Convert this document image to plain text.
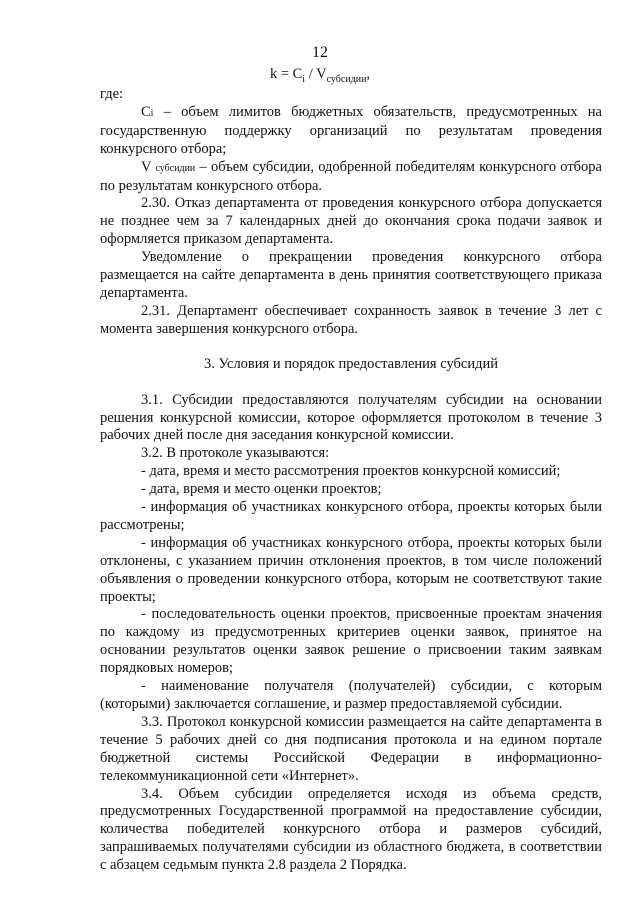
12
$k = C_i / V_{субсидии}$,

где:

Ci – объем лимитов бюджетных обязательств, предусмотренных на государственную поддержку организаций по результатам проведения конкурсного отбора;

V субсидии – объем субсидии, одобренной победителям конкурсного отбора по результатам конкурсного отбора.

2.30. Отказ департамента от проведения конкурсного отбора допускается не позднее чем за 7 календарных дней до окончания срока подачи заявок и оформляется приказом департамента.

Уведомление о прекращении проведения конкурсного отбора размещается на сайте департамента в день принятия соответствующего приказа департамента.

2.31. Департамент обеспечивает сохранность заявок в течение 3 лет с момента завершения конкурсного отбора.

3. Условия и порядок предоставления субсидий

3.1. Субсидии предоставляются получателям субсидии на основании решения конкурсной комиссии, которое оформляется протоколом в течение 3 рабочих дней после дня заседания конкурсной комиссии.

3.2. В протоколе указываются:

- дата, время и место рассмотрения проектов конкурсной комиссий;

- дата, время и место оценки проектов;

- информация об участниках конкурсного отбора, проекты которых были рассмотрены;

- информация об участниках конкурсного отбора, проекты которых были отклонены, с указанием причин отклонения проектов, в том числе положений объявления о проведении конкурсного отбора, которым не соответствуют такие проекты;

- последовательность оценки проектов, присвоенные проектам значения по каждому из предусмотренных критериев оценки заявок, принятое на основании результатов оценки заявок решение о присвоении таким заявкам порядковых номеров;

- наименование получателя (получателей) субсидии, с которым (которыми) заключается соглашение, и размер предоставляемой субсидии.

3.3. Протокол конкурсной комиссии размещается на сайте департамента в течение 5 рабочих дней со дня подписания протокола и на едином портале бюджетной системы Российской Федерации в информационно-телекоммуникационной сети «Интернет».

3.4. Объем субсидии определяется исходя из объема средств, предусмотренных Государственной программой на предоставление субсидии, количества победителей конкурсного отбора и размеров субсидий, запрашиваемых получателями субсидии из областного бюджета, в соответствии с абзацем седьмым пункта 2.8 раздела 2 Порядка.
